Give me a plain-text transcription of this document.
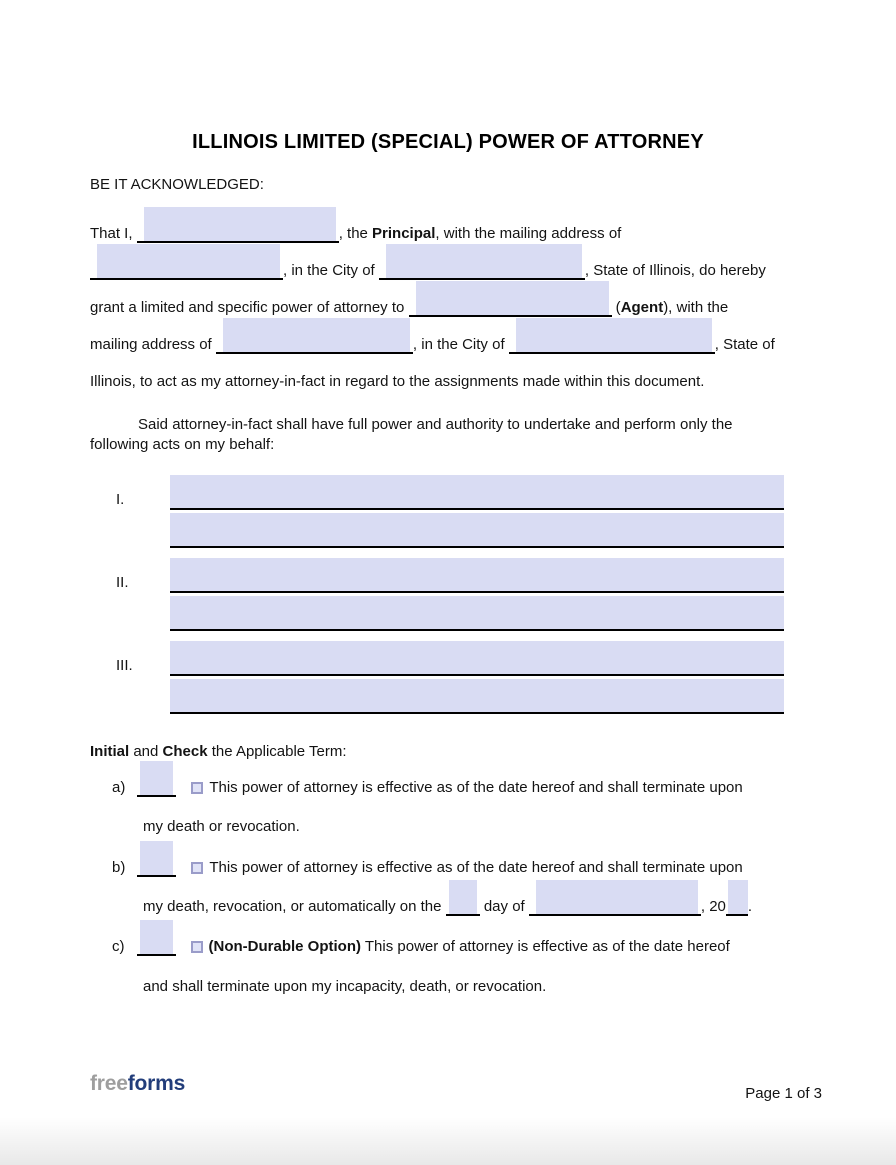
ILLINOIS LIMITED (SPECIAL) POWER OF ATTORNEY
BE IT ACKNOWLEDGED:
That I,	, the Principal, with the mailing address of
, in the City of	, State of Illinois, do hereby
grant a limited and specific power of attorney to	(Agent), with the
mailing address of	, in the City of	, State of
Illinois, to act as my attorney-in-fact in regard to the assignments made within this document.
Said attorney-in-fact shall have full power and authority to undertake and perform only the
following acts on my behalf:
I.
II.
III.
Initial and Check the Applicable Term:
a)	This power of attorney is effective as of the date hereof and shall terminate upon
my death or revocation.
b)	This power of attorney is effective as of the date hereof and shall terminate upon
my death, revocation, or automatically on the  day of	, 20 .
c)	(Non-Durable Option) This power of attorney is effective as of the date hereof
and shall terminate upon my incapacity, death, or revocation.
freeforms	Page 1 of 3
